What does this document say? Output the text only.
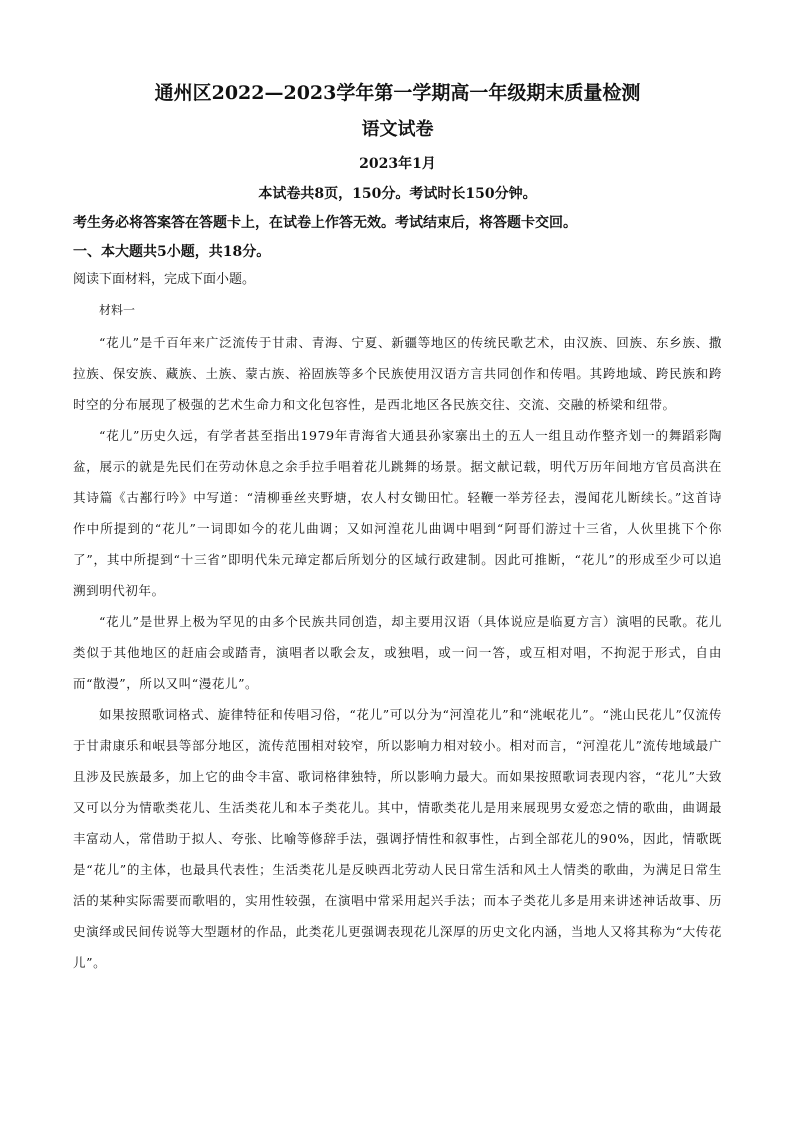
通州区2022—2023学年第一学期高一年级期末质量检测
语文试卷
2023年1月
本试卷共8页，150分。考试时长150分钟。
考生务必将答案答在答题卡上，在试卷上作答无效。考试结束后，将答题卡交回。
一、本大题共5小题，共18分。
阅读下面材料，完成下面小题。
材料一

“花儿”是千百年来广泛流传于甘肃、青海、宁夏、新疆等地区的传统民歌艺术，由汉族、回族、东乡族、撒拉族、保安族、藏族、土族、蒙古族、裕固族等多个民族使用汉语方言共同创作和传唱。其跨地域、跨民族和跨时空的分布展现了极强的艺术生命力和文化包容性，是西北地区各民族交往、交流、交融的桥梁和纽带。

“花儿”历史久远，有学者甚至指出1979年青海省大通县孙家寨出土的五人一组且动作整齐划一的舞蹈彩陶盆，展示的就是先民们在劳动休息之余手拉手唱着花儿跳舞的场景。据文献记载，明代万历年间地方官员高洪在其诗篇《古鄯行吟》中写道：“清柳垂丝夹野塘，农人村女锄田忙。轻鞭一举芳径去，漫闻花儿断续长。”这首诗作中所提到的“花儿”一词即如今的花儿曲调；又如河湟花儿曲调中唱到“阿哥们游过十三省，人伙里挑下个你了”，其中所提到“十三省”即明代朱元璋定都后所划分的区域行政建制。因此可推断，“花儿”的形成至少可以追溯到明代初年。

“花儿”是世界上极为罕见的由多个民族共同创造，却主要用汉语（具体说应是临夏方言）演唱的民歌。花儿类似于其他地区的赶庙会或踏青，演唱者以歌会友，或独唱，或一问一答，或互相对唱，不拘泥于形式，自由而“散漫”，所以又叫“漫花儿”。

如果按照歌词格式、旋律特征和传唱习俗，“花儿”可以分为“河湟花儿”和“洮岷花儿”。“洮山民花儿”仅流传于甘肃康乐和岷县等部分地区，流传范围相对较窄，所以影响力相对较小。相对而言，“河湟花儿”流传地域最广且涉及民族最多，加上它的曲令丰富、歌词格律独特，所以影响力最大。而如果按照歌词表现内容，“花儿”大致又可以分为情歌类花儿、生活类花儿和本子类花儿。其中，情歌类花儿是用来展现男女爱恋之情的歌曲，曲调最丰富动人，常借助于拟人、夸张、比喻等修辞手法，强调抒情性和叙事性，占到全部花儿的90%，因此，情歌既是“花儿”的主体，也最具代表性；生活类花儿是反映西北劳动人民日常生活和风土人情类的歌曲，为满足日常生活的某种实际需要而歌唱的，实用性较强，在演唱中常采用起兴手法；而本子类花儿多是用来讲述神话故事、历史演绎或民间传说等大型题材的作品，此类花儿更强调表现花儿深厚的历史文化内涵，当地人又将其称为“大传花儿”。
